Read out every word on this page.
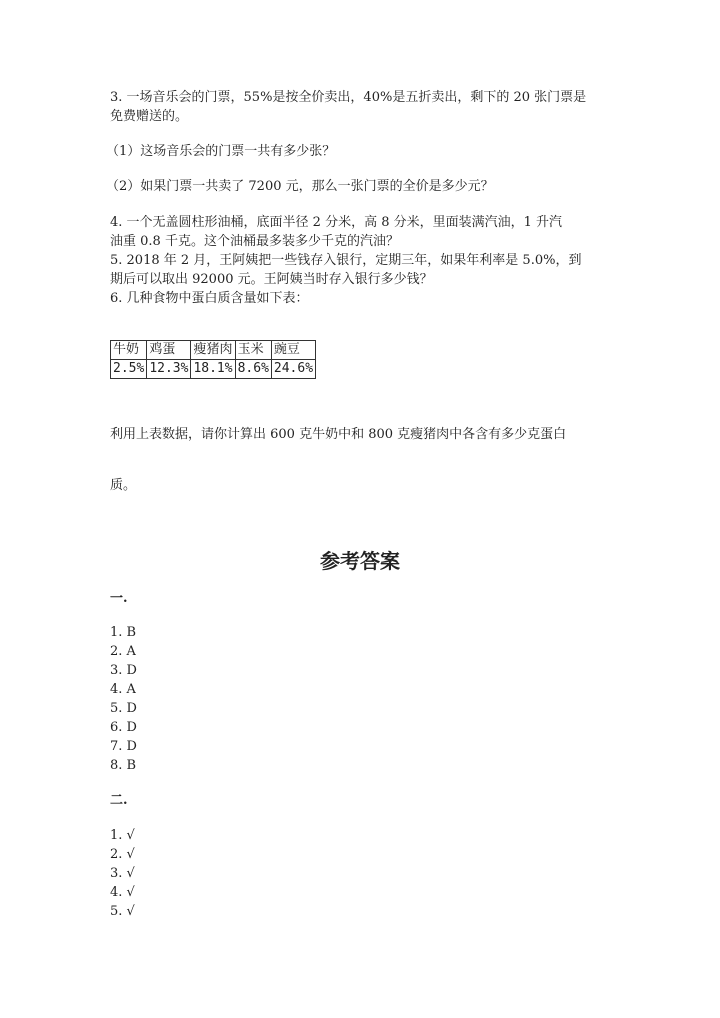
3. 一场音乐会的门票，55%是按全价卖出，40%是五折卖出，剩下的 20 张门票是
免费赠送的。
（1）这场音乐会的门票一共有多少张？
（2）如果门票一共卖了 7200 元，那么一张门票的全价是多少元？
4. 一个无盖圆柱形油桶，底面半径 2 分米，高 8 分米，里面装满汽油，1 升汽
油重 0.8 千克。这个油桶最多装多少千克的汽油？
5. 2018 年 2 月，王阿姨把一些钱存入银行，定期三年，如果年利率是 5.0%，到
期后可以取出 92000 元。王阿姨当时存入银行多少钱？
6. 几种食物中蛋白质含量如下表：
牛奶	鸡蛋	瘦猪肉	玉米	豌豆
2.5%	12.3%	18.1%	8.6%	24.6%
利用上表数据，请你计算出 600 克牛奶中和 800 克瘦猪肉中各含有多少克蛋白
质。
参考答案
一.
1. B
2. A
3. D
4. A
5. D
6. D
7. D
8. B
二.
1. √
2. √
3. √
4. √
5. √
